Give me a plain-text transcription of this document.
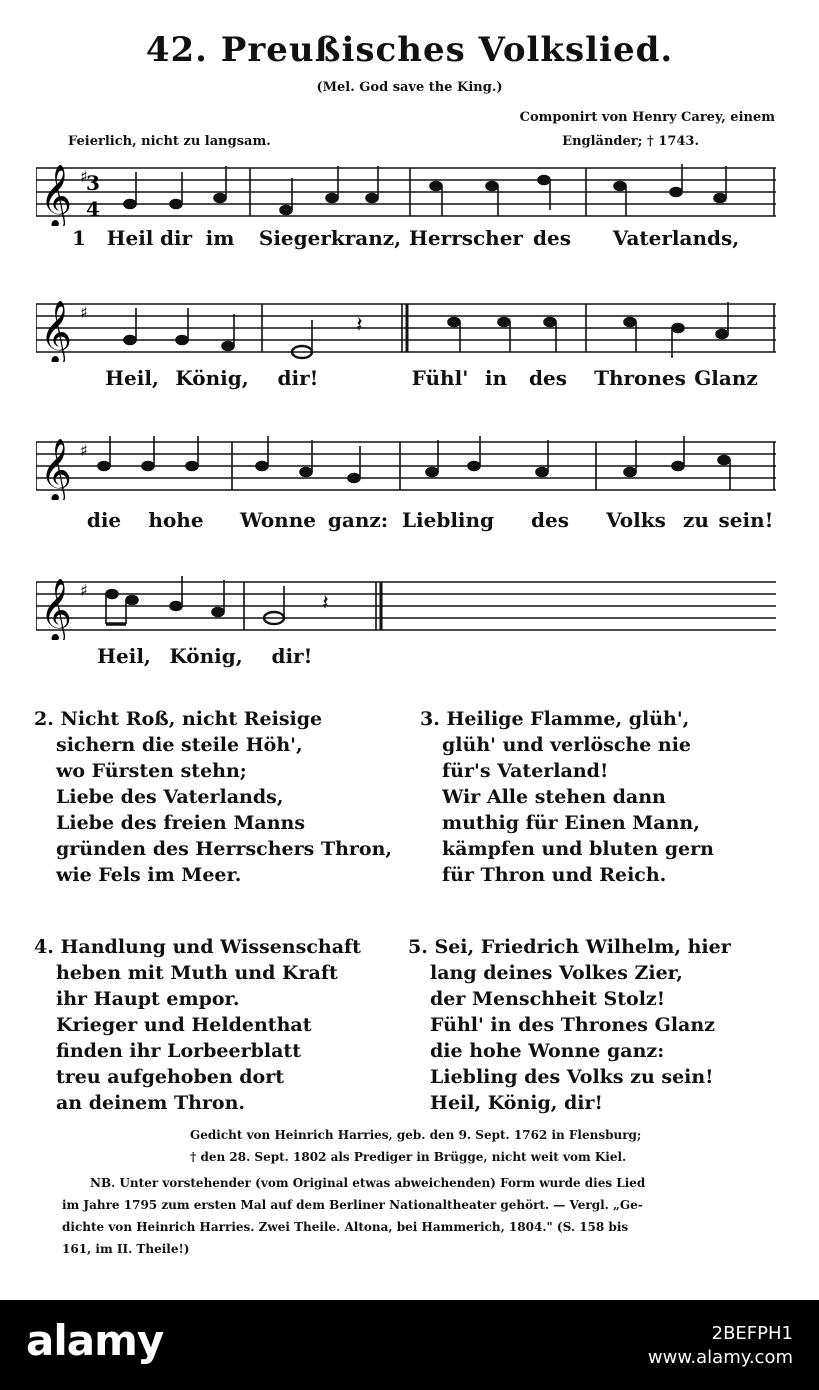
42. Preußisches Volkslied.
(Mel. God save the King.)
Componirt von Henry Carey, einem
Engländer; † 1743.
Feierlich, nicht zu langsam.
𝄞 ♯
3
4
1 Heil dir im Siegerkranz, Herrscher des Vaterlands,
𝄞 ♯
𝄽
Heil, König, dir!	Fühl' in des Thrones Glanz
𝄞 ♯
die hohe Wonne ganz: Liebling des Volks zu sein!
𝄞 ♯
𝄽
Heil, König, dir!
2. Nicht Roß, nicht Reisige
sichern die steile Höh',
wo Fürsten stehn;
Liebe des Vaterlands,
Liebe des freien Manns
gründen des Herrschers Thron,
wie Fels im Meer.
3. Heilige Flamme, glüh',
glüh' und verlösche nie
für's Vaterland!
Wir Alle stehen dann
muthig für Einen Mann,
kämpfen und bluten gern
für Thron und Reich.
4. Handlung und Wissenschaft
heben mit Muth und Kraft
ihr Haupt empor.
Krieger und Heldenthat
finden ihr Lorbeerblatt
treu aufgehoben dort
an deinem Thron.
5. Sei, Friedrich Wilhelm, hier
lang deines Volkes Zier,
der Menschheit Stolz!
Fühl' in des Thrones Glanz
die hohe Wonne ganz:
Liebling des Volks zu sein!
Heil, König, dir!
Gedicht von Heinrich Harries, geb. den 9. Sept. 1762 in Flensburg;
† den 28. Sept. 1802 als Prediger in Brügge, nicht weit vom Kiel.
NB. Unter vorstehender (vom Original etwas abweichenden) Form wurde dies Lied
im Jahre 1795 zum ersten Mal auf dem Berliner Nationaltheater gehört. — Vergl. „Ge-
dichte von Heinrich Harries. Zwei Theile. Altona, bei Hammerich, 1804." (S. 158 bis
161, im II. Theile!)
alamy	2BEFPH1
www.alamy.com
